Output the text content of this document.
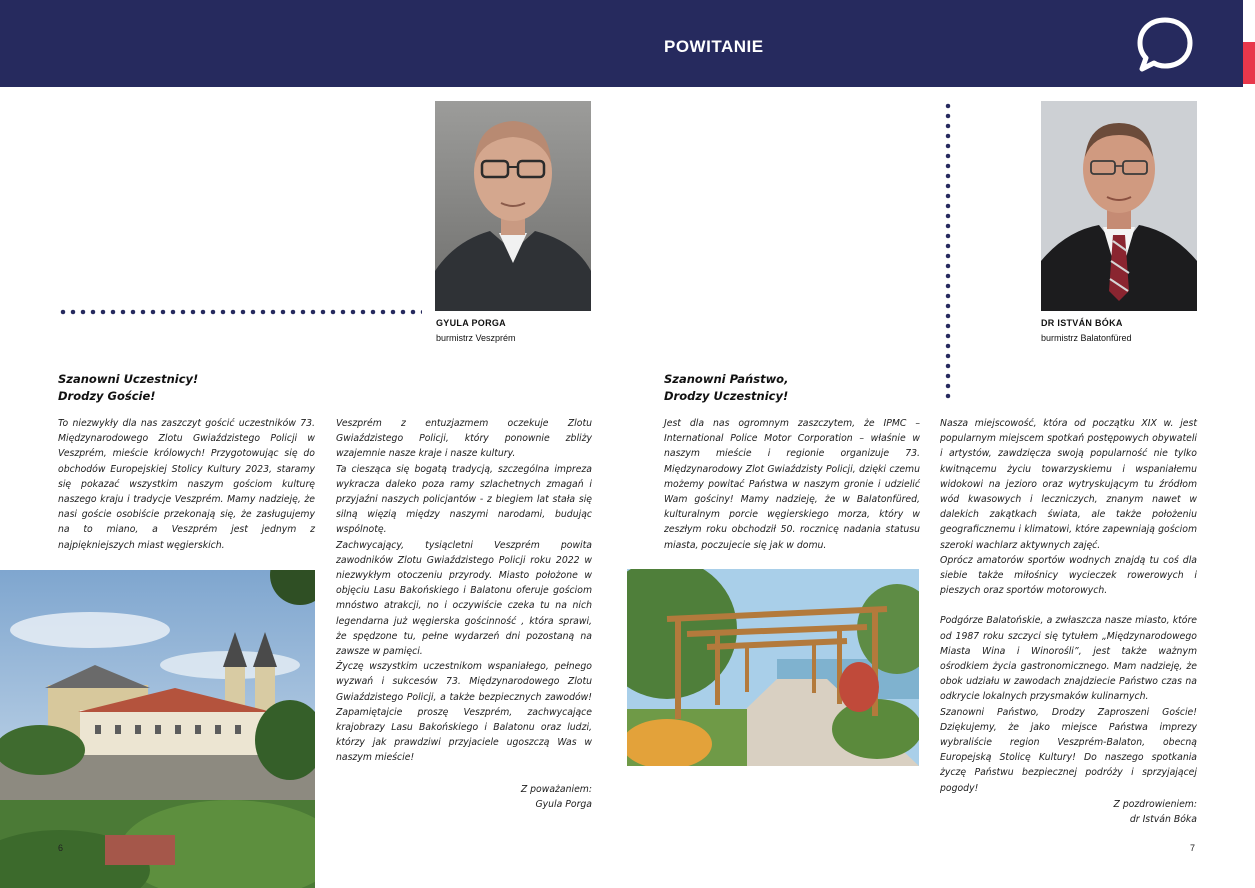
POWITANIE
GYULA PORGA
burmistrz Veszprém
Szanowni Uczestnicy!
Drodzy Goście!

To niezwykły dla nas zaszczyt gościć uczestników 73. Międzynarodowego Zlotu Gwiaździstego Policji w Veszprém, mieście królowych! Przygotowując się do obchodów Europejskiej Stolicy Kultury 2023, staramy się pokazać wszystkim naszym gościom kulturę naszego kraju i tradycje Veszprém. Mamy nadzieję, że nasi goście osobiście przekonają się, że zasługujemy na to miano, a Veszprém jest jednym z najpiękniejszych miast węgierskich.

Veszprém z entuzjazmem oczekuje Zlotu Gwiaździstego Policji, który ponownie zbliży wzajemnie nasze kraje i nasze kultury.

Ta ciesząca się bogatą tradycją, szczególna impreza wykracza daleko poza ramy szlachetnych zmagań i przyjaźni naszych policjantów - z biegiem lat stała się silną więzią między naszymi narodami, budując wspólnotę.

Zachwycający, tysiącletni Veszprém powita zawodników Zlotu Gwiaździstego Policji roku 2022 w niezwykłym otoczeniu przyrody. Miasto położone w objęciu Lasu Bakońskiego i Balatonu oferuje gościom mnóstwo atrakcji, no i oczywiście czeka tu na nich legendarna już węgierska gościnność , która sprawi, że spędzone tu, pełne wydarzeń dni pozostaną na zawsze w pamięci.

Życzę wszystkim uczestnikom wspaniałego, pełnego wyzwań i sukcesów 73. Międzynarodowego Zlotu Gwiaździstego Policji, a także bezpiecznych zawodów! Zapamiętajcie proszę Veszprém, zachwycające krajobrazy Lasu Bakońskiego i Balatonu oraz ludzi, którzy jak prawdziwi przyjaciele ugoszczą Was w naszym mieście!

Z poważaniem:
Gyula Porga
6
DR ISTVÁN BÓKA
burmistrz Balatonfüred
Szanowni Państwo,
Drodzy Uczestnicy!

Jest dla nas ogromnym zaszczytem, że IPMC – International Police Motor Corporation – właśnie w naszym mieście i regionie organizuje 73. Międzynarodowy Zlot Gwiaździsty Policji, dzięki czemu możemy powitać Państwa w naszym gronie i udzielić Wam gościny! Mamy nadzieję, że w Balatonfüred, kulturalnym porcie węgierskiego morza, który w zeszłym roku obchodził 50. rocznicę nadania statusu miasta, poczujecie się jak w domu.

Nasza miejscowość, która od początku XIX w. jest popularnym miejscem spotkań postępowych obywateli i artystów, zawdzięcza swoją popularność nie tylko kwitnącemu życiu towarzyskiemu i wspaniałemu widokowi na jezioro oraz wytryskującym tu źródłom wód kwasowych i leczniczych, znanym nawet w dalekich zakątkach świata, ale także położeniu geograficznemu i klimatowi, które zapewniają gościom szeroki wachlarz aktywnych zajęć.

Oprócz amatorów sportów wodnych znajdą tu coś dla siebie także miłośnicy wycieczek rowerowych i pieszych oraz sportów motorowych.

Podgórze Balatońskie, a zwłaszcza nasze miasto, które od 1987 roku szczyci się tytułem „Międzynarodowego Miasta Wina i Winorośli”, jest także ważnym ośrodkiem życia gastronomicznego. Mam nadzieję, że obok udziału w zawodach znajdziecie Państwo czas na odkrycie lokalnych przysmaków kulinarnych.

Szanowni Państwo, Drodzy Zaproszeni Goście! Dziękujemy, że jako miejsce Państwa imprezy wybraliście region Veszprém-Balaton, obecną Europejską Stolicę Kultury! Do naszego spotkania życzę Państwu bezpiecznej podróży i sprzyjającej pogody!

Z pozdrowieniem:
dr István Bóka
7
